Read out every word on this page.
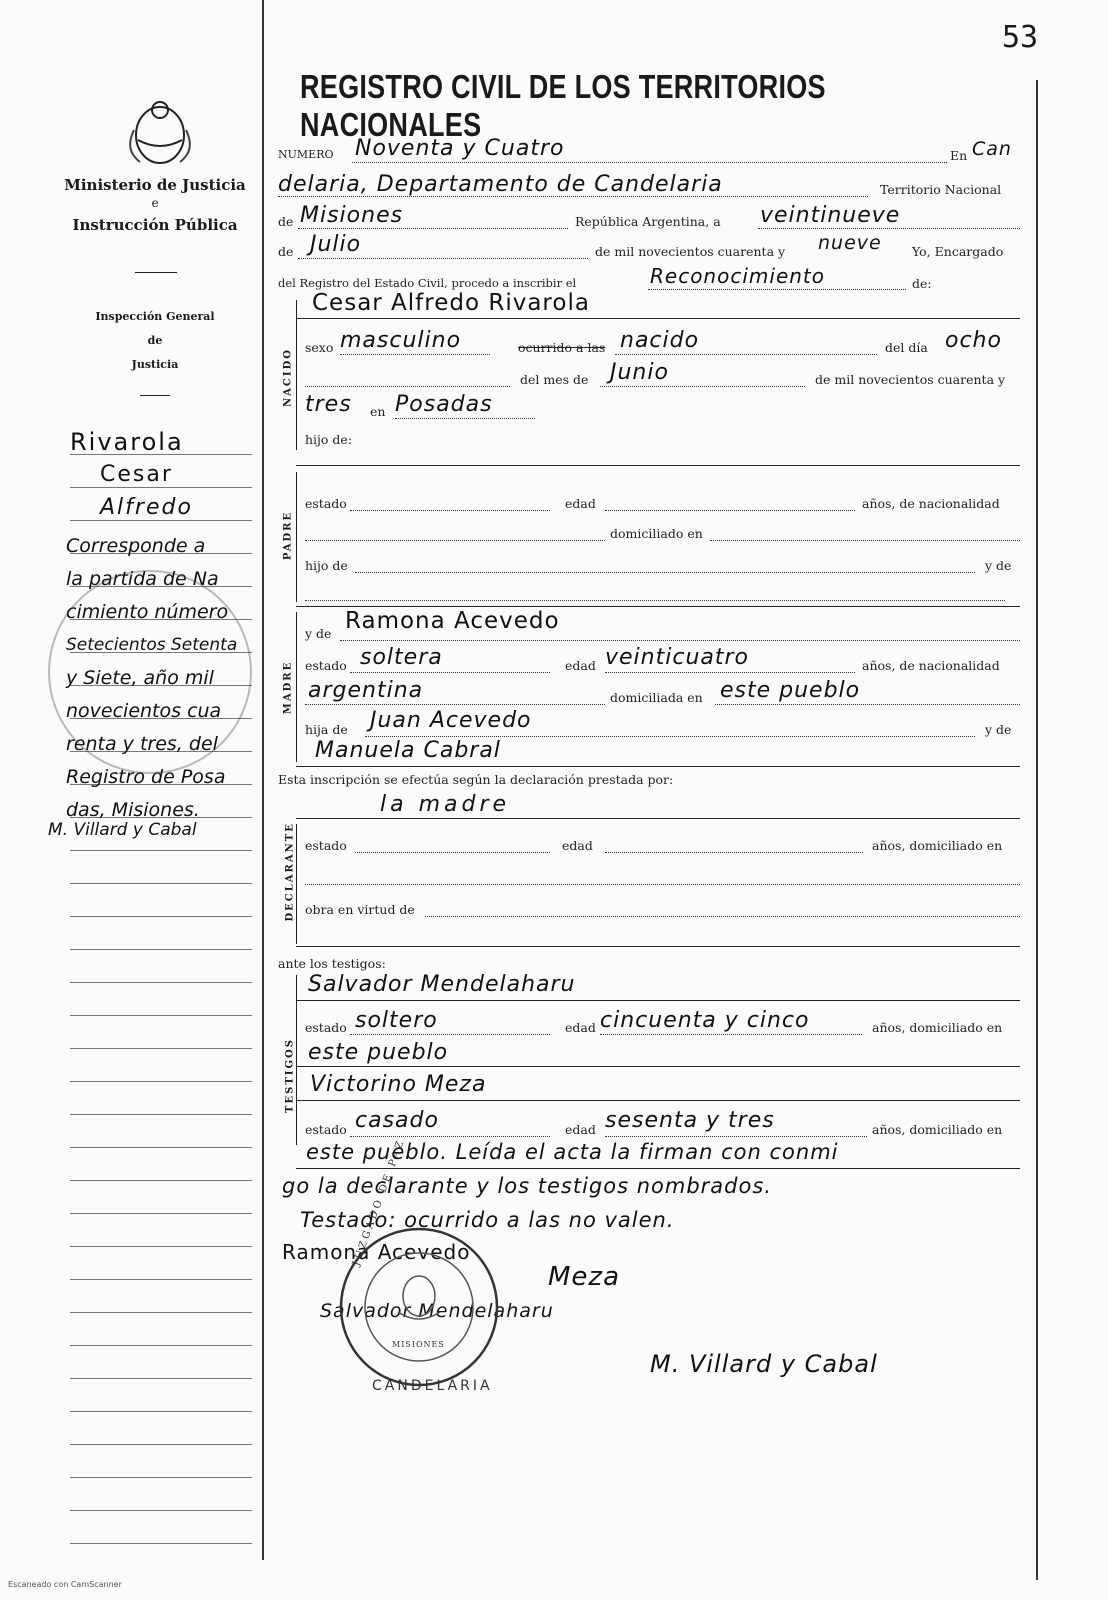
53
REGISTRO CIVIL DE LOS TERRITORIOS NACIONALES
Ministerio de Justicia
e
Instrucción Pública
Inspección General
de
Justicia
Rivarola
Cesar
Alfredo
Corresponde a
la partida de Na
cimiento número
Setecientos Setenta
y Siete, año mil
novecientos cua
renta y tres, del
Registro de Posa
das, Misiones.
M. Villard y Cabal
NUMERO Noventa y Cuatro	En Can
delaria, Departamento de Candelaria	Territorio Nacional
de Misiones	República Argentina, a veintinueve
de Julio	de mil novecientos cuarenta y nueve Yo, Encargado
del Registro del Estado Civil, procedo a inscribir el	Reconocimiento	de:
Cesar Alfredo Rivarola
NACIDO
sexo masculino	ocurrido a las nacido	del día ocho
del mes de Junio	de mil novecientos cuarenta y
tres en Posadas
hijo de:
PADRE
estado	edad	años, de nacionalidad
domiciliado en
hijo de	y de
MADRE
y de Ramona Acevedo
estado soltera	edad veinticuatro	años, de nacionalidad
argentina	domiciliada en este pueblo
hija de Juan Acevedo	y de
Manuela Cabral
Esta inscripción se efectúa según la declaración prestada por:
la madre
DECLARANTE estado	edad	años, domiciliado en
obra en virtud de
ante los testigos:
TESTIGOS
Salvador Mendelaharu
estado soltero	edad cincuenta y cinco	años, domiciliado en
este pueblo
Victorino Meza
estado casado	edad sesenta y tres	años, domiciliado en
este pueblo. Leída el acta la firman con conmi
go la declarante y los testigos nombrados.
Testado: ocurrido a las no valen.
Ramona Acevedo
Meza
Salvador Mendelaharu
M. Villard y Cabal
JUZGADO DE PAZ
MISIONES
CANDELARIA
Escaneado con CamScanner
